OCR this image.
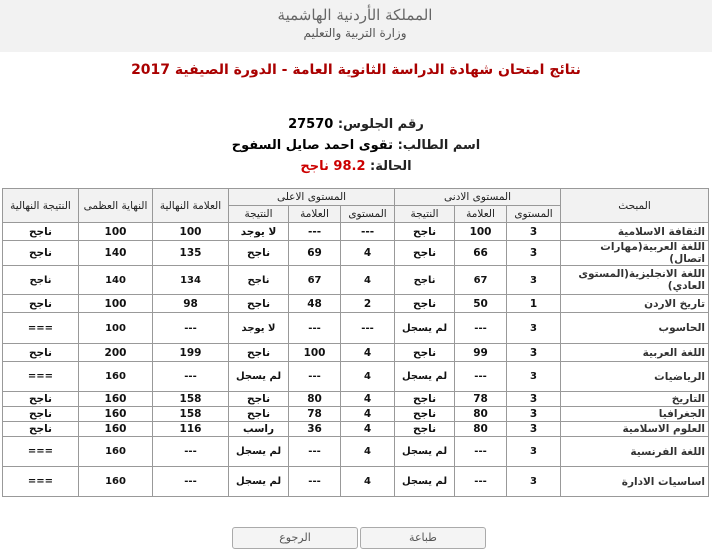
المملكة الأردنية الهاشمية
وزارة التربية والتعليم
نتائج امتحان شهادة الدراسة الثانوية العامة - الدورة الصيفية 2017
رقم الجلوس: 27570
اسم الطالب: تقوى احمد صايل السفوح
الحالة: 98.2 ناجح
المبحث	المستوى الادنى			المستوى الاعلى			العلامة النهالية	النهاية العظمى	النتيجة النهالية
	المستوى	العلامة	النتيجة	المستوى	العلامة	النتيجة			
الثقافة الاسلامية	3	100	ناجح	---	---	لا يوجد	100	100	ناجح
اللغة العربية(مهارات اتصال)	3	66	ناجح	4	69	ناجح	135	140	ناجح
اللغة الانجليزية(المستوى العادي)	3	67	ناجح	4	67	ناجح	134	140	ناجح
تاريخ الاردن	1	50	ناجح	2	48	ناجح	98	100	ناجح
الحاسوب	3	---	لم يسجل	---	---	لا يوجد	---	100	===
اللغة العربية	3	99	ناجح	4	100	ناجح	199	200	ناجح
الرياضيات	3	---	لم يسجل	4	---	لم يسجل	---	160	===
التاريخ	3	78	ناجح	4	80	ناجح	158	160	ناجح
الجغرافيا	3	80	ناجح	4	78	ناجح	158	160	ناجح
العلوم الاسلامية	3	80	ناجح	4	36	راسب	116	160	ناجح
اللغة الفرنسية	3	---	لم يسجل	4	---	لم يسجل	---	160	===
اساسيات الادارة	3	---	لم يسجل	4	---	لم يسجل	---	160	===
الرجوع	طباعة
